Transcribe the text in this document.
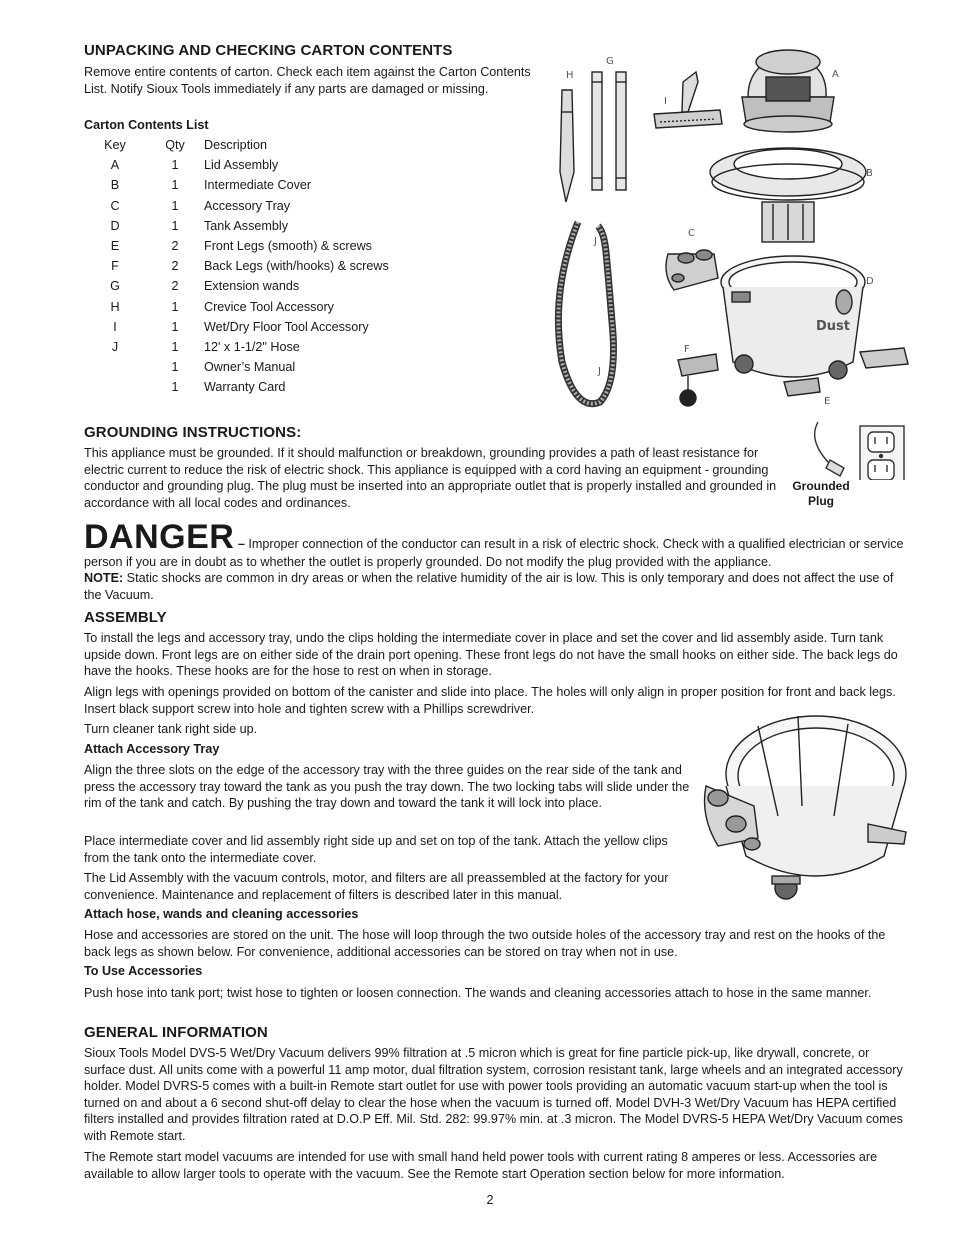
UNPACKING AND CHECKING CARTON CONTENTS

Remove entire contents of carton. Check each item against the Carton Contents List. Notify Sioux Tools immediately if any parts are damaged or missing.

Carton Contents List
Key	Qty	Description
A	1	Lid Assembly
B	1	Intermediate Cover
C	1	Accessory Tray
D	1	Tank Assembly
E	2	Front Legs (smooth) & screws
F	2	Back Legs (with/hooks) & screws
G	2	Extension wands
H	1	Crevice Tool Accessory
I	1	Wet/Dry Floor Tool Accessory
J	1	12' x 1-1/2" Hose
	1	Owner’s Manual
	1	Warranty Card
H
G
I
A
B
C
D
F
E
J
J
Dust
GROUNDING INSTRUCTIONS:

This appliance must be grounded. If it should malfunction or breakdown, grounding provides a path of least resistance for electric current to reduce the risk of electric shock. This appliance is equipped with a cord having an equipment - grounding conductor and grounding plug. The plug must be inserted into an appropriate outlet that is properly installed and grounded in accordance with all local codes and ordinances.

Grounded
Plug

DANGER – Improper connection of the conductor can result in a risk of electric shock. Check with a qualified electrician or service person if you are in doubt as to whether the outlet is properly grounded. Do not modify the plug provided with the appliance.

NOTE: Static shocks are common in dry areas or when the relative humidity of the air is low. This is only temporary and does not affect the use of the Vacuum.

ASSEMBLY

To install the legs and accessory tray, undo the clips holding the intermediate cover in place and set the cover and lid assembly aside. Turn tank upside down. Front legs are on either side of the drain port opening. These front legs do not have the small hooks on either side. The back legs do have the hooks. These hooks are for the hose to rest on when in storage.

Align legs with openings provided on bottom of the canister and slide into place. The holes will only align in proper position for front and back legs. Insert black support screw into hole and tighten screw with a Phillips screwdriver.

Turn cleaner tank right side up.

Attach Accessory Tray

Align the three slots on the edge of the accessory tray with the three guides on the rear side of the tank and press the accessory tray toward the tank as you push the tray down. The two locking tabs will slide under the rim of the tank and catch. By pushing the tray down and toward the tank it will lock into place.

Place intermediate cover and lid assembly right side up and set on top of the tank. Attach the yellow clips from the tank onto the intermediate cover.

The Lid Assembly with the vacuum controls, motor, and filters are all preassembled at the factory for your convenience. Maintenance and replacement of filters is described later in this manual.

Attach hose, wands and cleaning accessories

Hose and accessories are stored on the unit. The hose will loop through the two outside holes of the accessory tray and rest on the hooks of the back legs as shown below. For convenience, additional accessories can be stored on tray when not in use.

To Use Accessories

Push hose into tank port; twist hose to tighten or loosen connection. The wands and cleaning accessories attach to hose in the same manner.

GENERAL INFORMATION

Sioux Tools Model DVS-5 Wet/Dry Vacuum delivers 99% filtration at .5 micron which is great for fine particle pick-up, like drywall, concrete, or surface dust. All units come with a powerful 11 amp motor, dual filtration system, corrosion resistant tank, large wheels and an integrated accessory holder. Model DVRS-5 comes with a built-in Remote start outlet for use with power tools providing an automatic vacuum start-up when the tool is turned on and about a 6 second shut-off delay to clear the hose when the vacuum is turned off. Model DVH-3 Wet/Dry Vacuum has HEPA certified filters installed and provides filtration rated at D.O.P Eff. Mil. Std. 282: 99.97% min. at .3 micron. The Model DVRS-5 HEPA Wet/Dry Vacuum comes with Remote start.

The Remote start model vacuums are intended for use with small hand held power tools with current rating 8 amperes or less. Accessories are available to allow larger tools to operate with the vacuum. See the Remote start Operation section below for more information.

2
